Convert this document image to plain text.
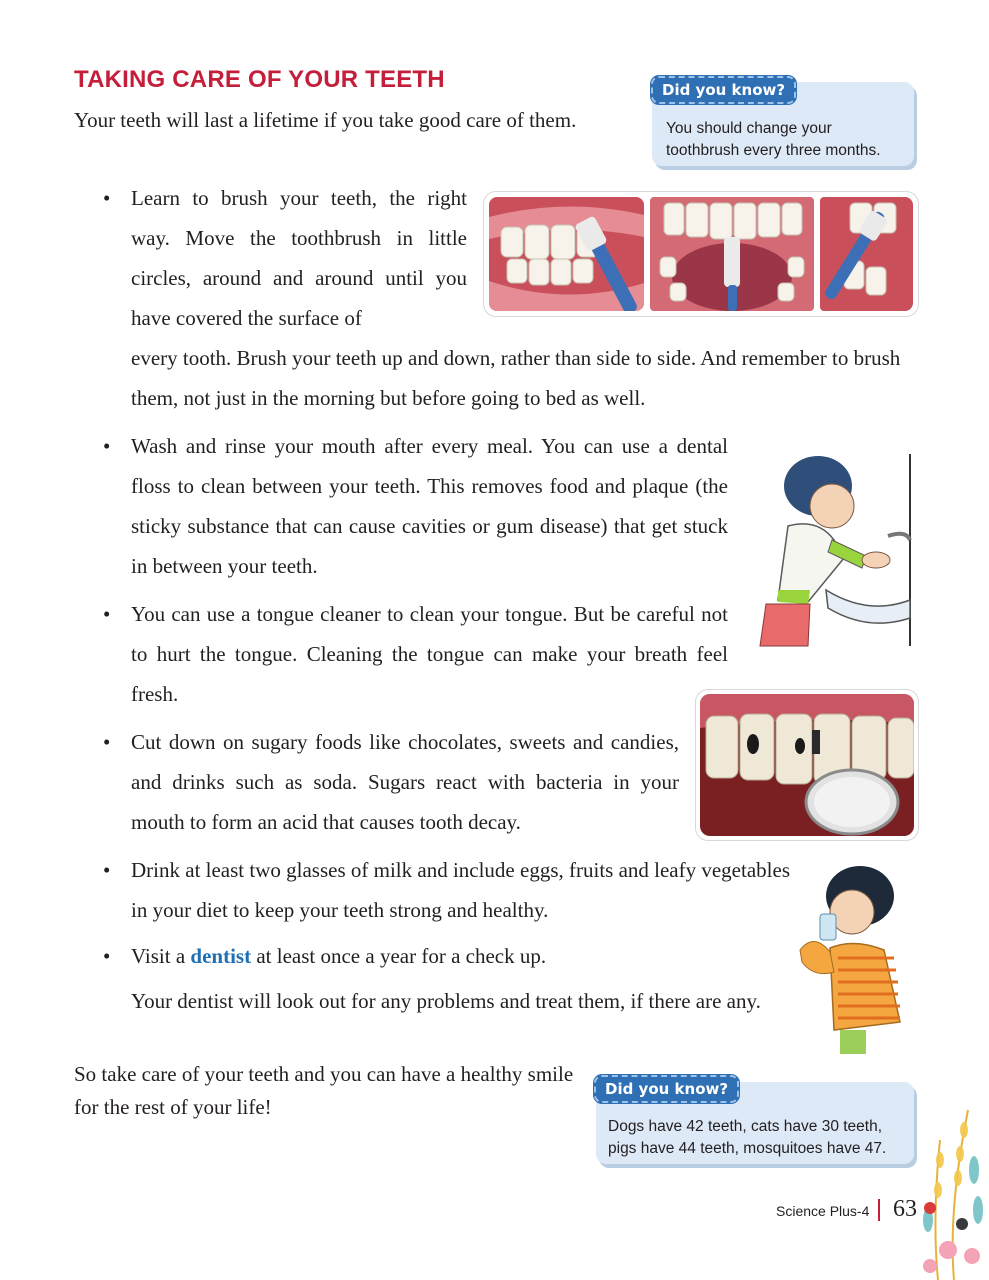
TAKING CARE OF YOUR TEETH
Your teeth will last a lifetime if you take good care of them.	You should change your toothbrush every three months.
Did you know?
• Learn to brush your teeth, the right way. Move the toothbrush in little circles, around and around until you have covered the surface of

every tooth. Brush your teeth up and down, rather than side to side. And remember to brush them, not just in the morning but before going to bed as well.

• Wash and rinse your mouth after every meal. You can use a dental floss to clean between your teeth. This removes food and plaque (the sticky substance that can cause cavities or gum disease) that get stuck in between your teeth.

• You can use a tongue cleaner to clean your tongue. But be careful not to hurt the tongue. Cleaning the tongue can make your breath feel fresh.

• Cut down on sugary foods like chocolates, sweets and candies, and drinks such as soda. Sugars react with bacteria in your mouth to form an acid that causes tooth decay.

• Drink at least two glasses of milk and include eggs, fruits and leafy vegetables in your diet to keep your teeth strong and healthy.

• Visit a dentist at least once a year for a check up.

Your dentist will look out for any problems and treat them, if there are any.

So take care of your teeth and you can have a healthy smile for the rest of your life!
Dogs have 42 teeth, cats have 30 teeth, pigs have 44 teeth, mosquitoes have 47.
Did you know?
Science Plus-4 63
